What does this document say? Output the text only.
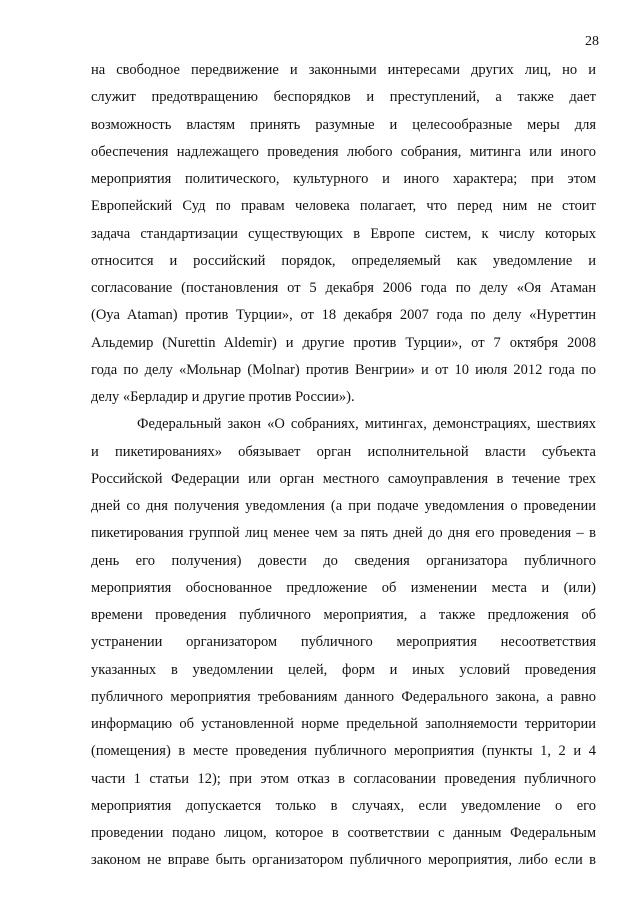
28
на свободное передвижение и законными интересами других лиц, но и
служит предотвращению беспорядков и преступлений, а также дает
возможность властям принять разумные и целесообразные меры для
обеспечения надлежащего проведения любого собрания, митинга или иного
мероприятия политического, культурного и иного характера; при этом
Европейский Суд по правам человека полагает, что перед ним не стоит
задача стандартизации существующих в Европе систем, к числу которых
относится и российский порядок, определяемый как уведомление и
согласование (постановления от 5 декабря 2006 года по делу «Оя Атаман
(Oya Ataman) против Турции», от 18 декабря 2007 года по делу «Нуреттин
Альдемир (Nurettin Aldemir) и другие против Турции», от 7 октября 2008
года по делу «Мольнар (Molnar) против Венгрии» и от 10 июля 2012 года по
делу «Берладир и другие против России»).
Федеральный закон «О собраниях, митингах, демонстрациях, шествиях
и пикетированиях» обязывает орган исполнительной власти субъекта
Российской Федерации или орган местного самоуправления в течение трех
дней со дня получения уведомления (а при подаче уведомления о проведении
пикетирования группой лиц менее чем за пять дней до дня его проведения – в
день его получения) довести до сведения организатора публичного
мероприятия обоснованное предложение об изменении места и (или)
времени проведения публичного мероприятия, а также предложения об
устранении организатором публичного мероприятия несоответствия
указанных в уведомлении целей, форм и иных условий проведения
публичного мероприятия требованиям данного Федерального закона, а равно
информацию об установленной норме предельной заполняемости территории
(помещения) в месте проведения публичного мероприятия (пункты 1, 2 и 4
части 1 статьи 12); при этом отказ в согласовании проведения публичного
мероприятия допускается только в случаях, если уведомление о его
проведении подано лицом, которое в соответствии с данным Федеральным
законом не вправе быть организатором публичного мероприятия, либо если в
